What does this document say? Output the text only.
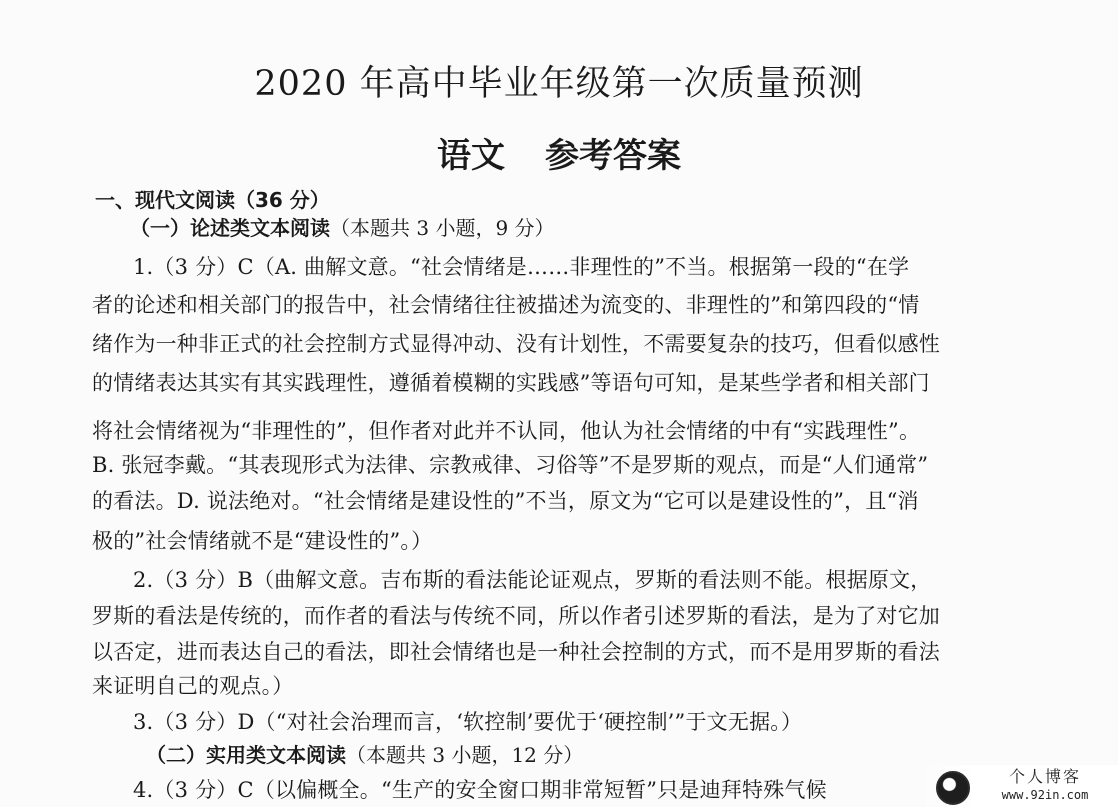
2020 年高中毕业年级第一次质量预测
语文 参考答案
一、现代文阅读（36 分）
（一）论述类文本阅读（本题共 3 小题，9 分）
1.（3 分）C（A. 曲解文意。“社会情绪是……非理性的”不当。根据第一段的“在学
者的论述和相关部门的报告中，社会情绪往往被描述为流变的、非理性的”和第四段的“情
绪作为一种非正式的社会控制方式显得冲动、没有计划性，不需要复杂的技巧，但看似感性
的情绪表达其实有其实践理性，遵循着模糊的实践感”等语句可知，是某些学者和相关部门
将社会情绪视为“非理性的”，但作者对此并不认同，他认为社会情绪的中有“实践理性”。
B. 张冠李戴。“其表现形式为法律、宗教戒律、习俗等”不是罗斯的观点，而是“人们通常”
的看法。D. 说法绝对。“社会情绪是建设性的”不当，原文为“它可以是建设性的”，且“消
极的”社会情绪就不是“建设性的”。）
2.（3 分）B（曲解文意。吉布斯的看法能论证观点，罗斯的看法则不能。根据原文，
罗斯的看法是传统的，而作者的看法与传统不同，所以作者引述罗斯的看法，是为了对它加
以否定，进而表达自己的看法，即社会情绪也是一种社会控制的方式，而不是用罗斯的看法
来证明自己的观点。）
3.（3 分）D（“对社会治理而言，‘软控制’要优于‘硬控制’”于文无据。）
（二）实用类文本阅读（本题共 3 小题，12 分）
4.（3 分）C（以偏概全。“生产的安全窗口期非常短暂”只是迪拜特殊气候
个人博客
www.92in.com
